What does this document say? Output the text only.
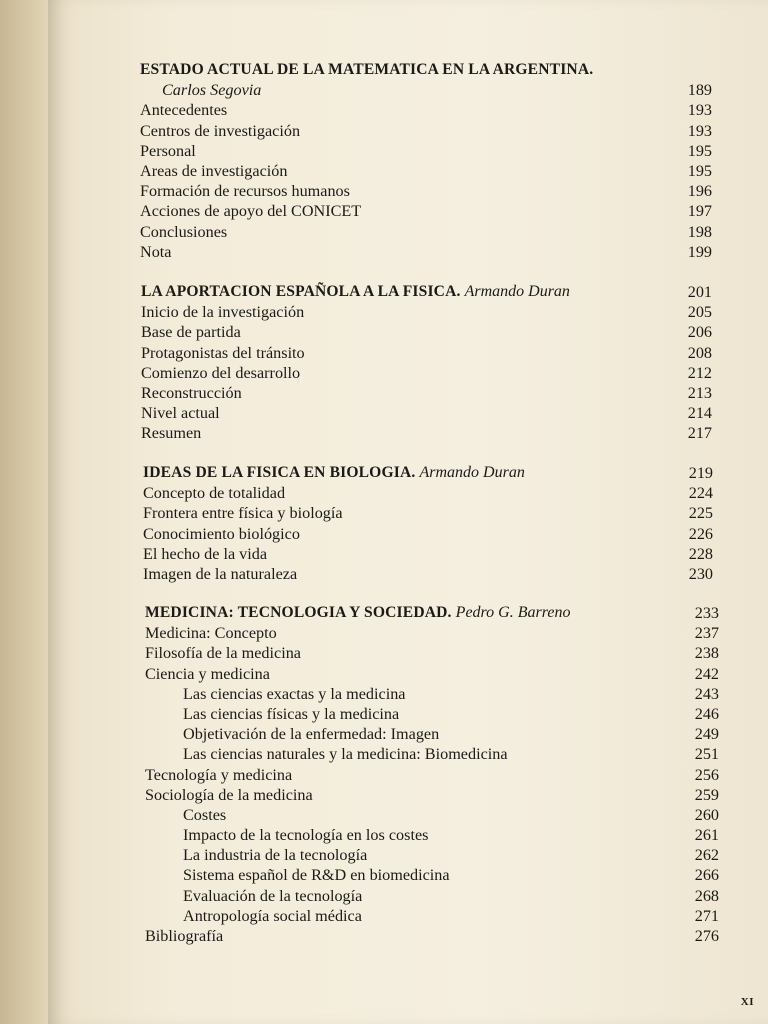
ESTADO ACTUAL DE LA MATEMATICA EN LA ARGENTINA.
Carlos Segovia	189
Antecedentes	193
Centros de investigación	193
Personal	195
Areas de investigación	195
Formación de recursos humanos	196
Acciones de apoyo del CONICET	197
Conclusiones	198
Nota	199
LA APORTACION ESPAÑOLA A LA FISICA. Armando Duran	201
Inicio de la investigación	205
Base de partida	206
Protagonistas del tránsito	208
Comienzo del desarrollo	212
Reconstrucción	213
Nivel actual	214
Resumen	217
IDEAS DE LA FISICA EN BIOLOGIA. Armando Duran	219
Concepto de totalidad	224
Frontera entre física y biología	225
Conocimiento biológico	226
El hecho de la vida	228
Imagen de la naturaleza	230
MEDICINA: TECNOLOGIA Y SOCIEDAD. Pedro G. Barreno	233
Medicina: Concepto	237
Filosofía de la medicina	238
Ciencia y medicina	242
Las ciencias exactas y la medicina	243
Las ciencias físicas y la medicina	246
Objetivación de la enfermedad: Imagen	249
Las ciencias naturales y la medicina: Biomedicina	251
Tecnología y medicina	256
Sociología de la medicina	259
Costes	260
Impacto de la tecnología en los costes	261
La industria de la tecnología	262
Sistema español de R&D en biomedicina	266
Evaluación de la tecnología	268
Antropología social médica	271
Bibliografía	276
XI
